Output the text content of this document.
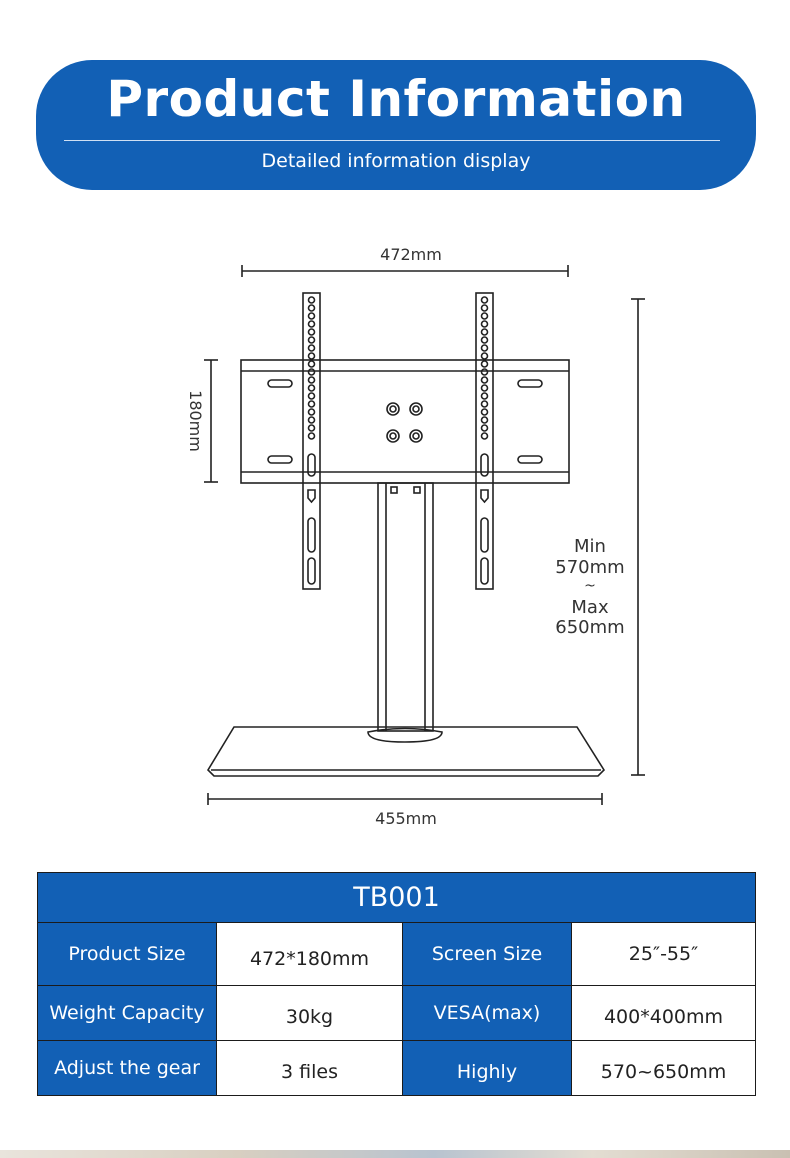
Product Information
Detailed information display
472mm
180mm
Min
570mm
~
Max
650mm
455mm
TB001
Product Size	472*180mm	Screen Size	25″-55″
Weight Capacity	30kg	VESA(max)	400*400mm
Adjust the gear	3 files	Highly	570~650mm
